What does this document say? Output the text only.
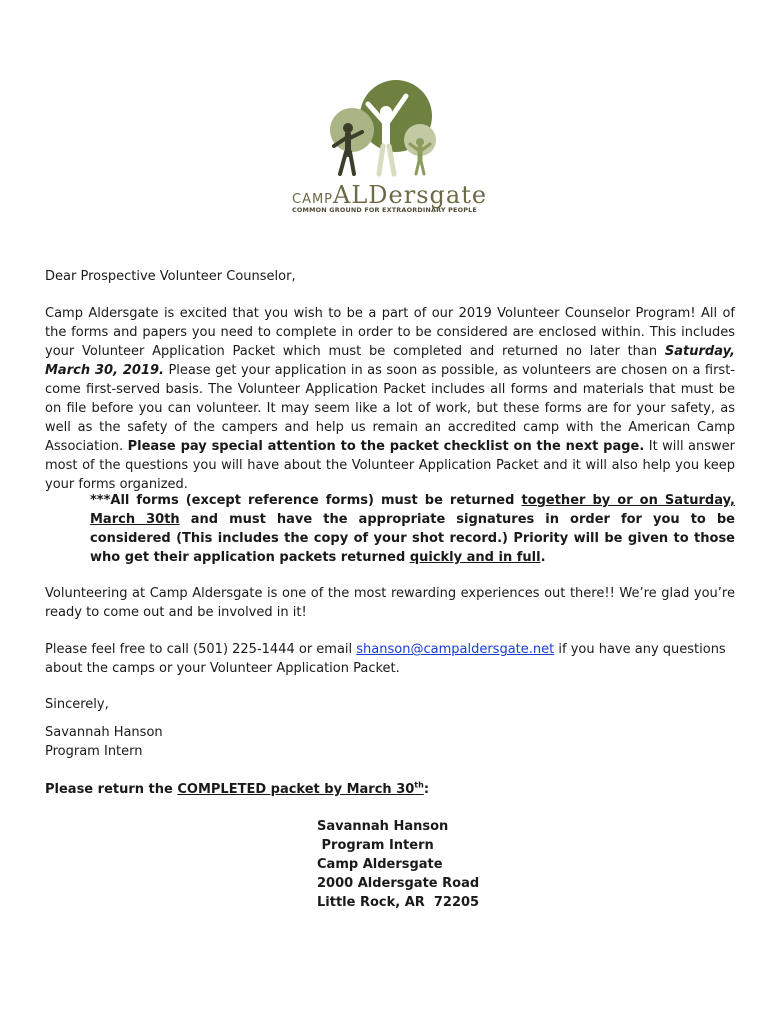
CAMPALDersgate
COMMON GROUND FOR EXTRAORDINARY PEOPLE

Dear Prospective Volunteer Counselor,

Camp Aldersgate is excited that you wish to be a part of our 2019 Volunteer Counselor Program! All of the forms and papers you need to complete in order to be considered are enclosed within. This includes your Volunteer Application Packet which must be completed and returned no later than Saturday, March 30, 2019. Please get your application in as soon as possible, as volunteers are chosen on a first-come first-served basis. The Volunteer Application Packet includes all forms and materials that must be on file before you can volunteer. It may seem like a lot of work, but these forms are for your safety, as well as the safety of the campers and help us remain an accredited camp with the American Camp Association. Please pay special attention to the packet checklist on the next page. It will answer most of the questions you will have about the Volunteer Application Packet and it will also help you keep your forms organized.

***All forms (except reference forms) must be returned together by or on Saturday, March 30th and must have the appropriate signatures in order for you to be considered (This includes the copy of your shot record.) Priority will be given to those who get their application packets returned quickly and in full.

Volunteering at Camp Aldersgate is one of the most rewarding experiences out there!! We’re glad you’re ready to come out and be involved in it!

Please feel free to call (501) 225-1444 or email shanson@campaldersgate.net if you have any questions about the camps or your Volunteer Application Packet.

Sincerely,

Savannah Hanson
Program Intern

Please return the COMPLETED packet by March 30th:

Savannah Hanson
Program Intern
Camp Aldersgate
2000 Aldersgate Road
Little Rock, AR  72205
